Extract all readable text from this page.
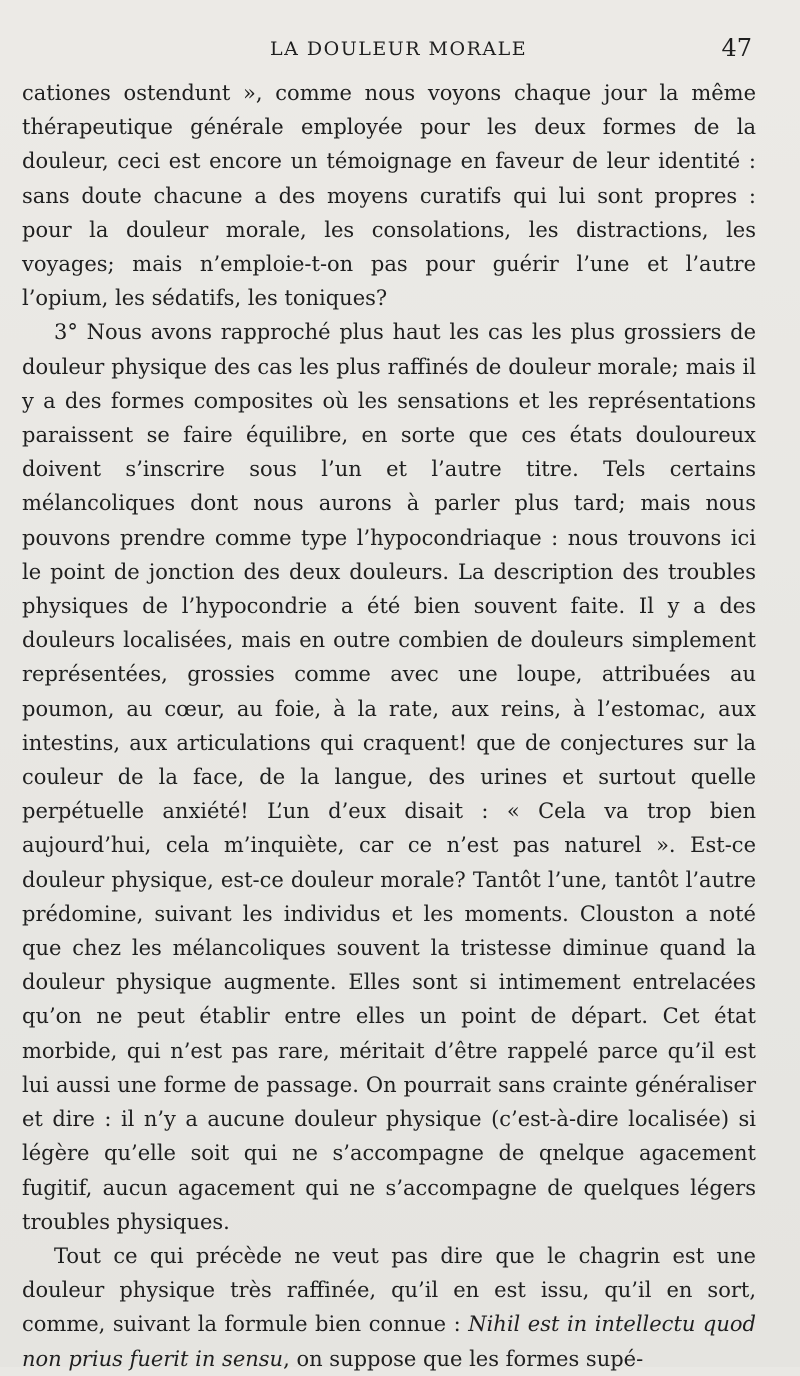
LA DOULEUR MORALE	47

cationes ostendunt », comme nous voyons chaque jour la même thérapeutique générale employée pour les deux formes de la douleur, ceci est encore un témoignage en faveur de leur identité : sans doute chacune a des moyens curatifs qui lui sont propres : pour la douleur morale, les consolations, les distractions, les voyages; mais n’emploie-t-on pas pour guérir l’une et l’autre l’opium, les sédatifs, les toniques?

3° Nous avons rapproché plus haut les cas les plus grossiers de douleur physique des cas les plus raffinés de douleur morale; mais il y a des formes composites où les sensations et les représentations paraissent se faire équilibre, en sorte que ces états douloureux doivent s’inscrire sous l’un et l’autre titre. Tels certains mélancoliques dont nous aurons à parler plus tard; mais nous pouvons prendre comme type l’hypocondriaque : nous trouvons ici le point de jonction des deux douleurs. La description des troubles physiques de l’hypocondrie a été bien souvent faite. Il y a des douleurs localisées, mais en outre combien de douleurs simplement représentées, grossies comme avec une loupe, attribuées au poumon, au cœur, au foie, à la rate, aux reins, à l’estomac, aux intestins, aux articulations qui craquent! que de conjectures sur la couleur de la face, de la langue, des urines et surtout quelle perpétuelle anxiété! L’un d’eux disait : « Cela va trop bien aujourd’hui, cela m’inquiète, car ce n’est pas naturel ». Est-ce douleur physique, est-ce douleur morale? Tantôt l’une, tantôt l’autre prédomine, suivant les individus et les moments. Clouston a noté que chez les mélancoliques souvent la tristesse diminue quand la douleur physique augmente. Elles sont si intimement entrelacées qu’on ne peut établir entre elles un point de départ. Cet état morbide, qui n’est pas rare, méritait d’être rappelé parce qu’il est lui aussi une forme de passage. On pourrait sans crainte généraliser et dire : il n’y a aucune douleur physique (c’est-à-dire localisée) si légère qu’elle soit qui ne s’accompagne de qnelque agacement fugitif, aucun agacement qui ne s’accompagne de quelques légers troubles physiques.

Tout ce qui précède ne veut pas dire que le chagrin est une douleur physique très raffinée, qu’il en est issu, qu’il en sort, comme, suivant la formule bien connue : Nihil est in intellectu quod non prius fuerit in sensu, on suppose que les formes supé-
